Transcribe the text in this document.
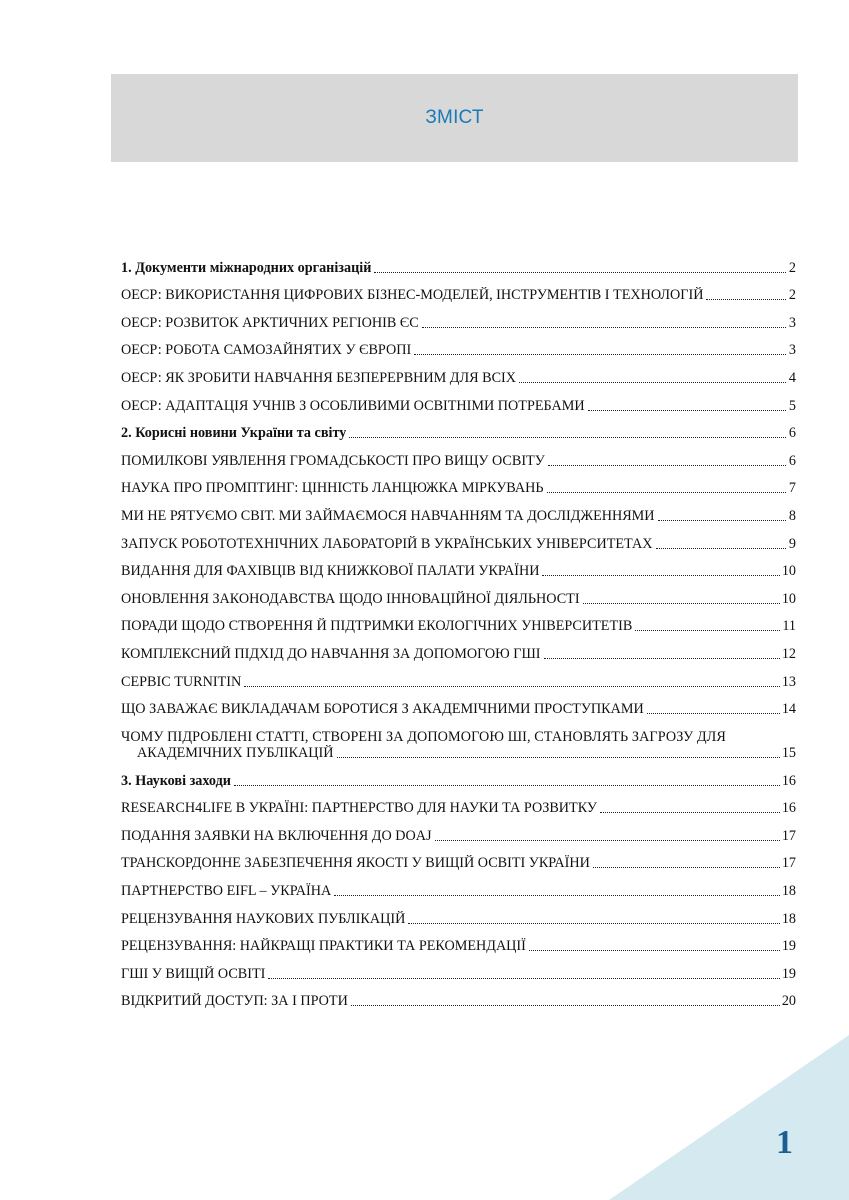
ЗМІСТ
1. Документи міжнародних організацій	2
ОЕСР: ВИКОРИСТАННЯ ЦИФРОВИХ БІЗНЕС-МОДЕЛЕЙ, ІНСТРУМЕНТІВ І ТЕХНОЛОГІЙ	2
ОЕСР: РОЗВИТОК АРКТИЧНИХ РЕГІОНІВ ЄС	3
ОЕСР: РОБОТА САМОЗАЙНЯТИХ У ЄВРОПІ	3
ОЕСР: ЯК ЗРОБИТИ НАВЧАННЯ БЕЗПЕРЕРВНИМ ДЛЯ ВСІХ	4
ОЕСР: АДАПТАЦІЯ УЧНІВ З ОСОБЛИВИМИ ОСВІТНІМИ ПОТРЕБАМИ	5
2. Корисні новини України та світу	6
ПОМИЛКОВІ УЯВЛЕННЯ ГРОМАДСЬКОСТІ ПРО ВИЩУ ОСВІТУ	6
НАУКА ПРО ПРОМПТИНГ: ЦІННІСТЬ ЛАНЦЮЖКА МІРКУВАНЬ	7
МИ НЕ РЯТУЄМО СВІТ. МИ ЗАЙМАЄМОСЯ НАВЧАННЯМ ТА ДОСЛІДЖЕННЯМИ	8
ЗАПУСК РОБОТОТЕХНІЧНИХ ЛАБОРАТОРІЙ В УКРАЇНСЬКИХ УНІВЕРСИТЕТАХ	9
ВИДАННЯ ДЛЯ ФАХІВЦІВ ВІД КНИЖКОВОЇ ПАЛАТИ УКРАЇНИ	10
ОНОВЛЕННЯ ЗАКОНОДАВСТВА ЩОДО ІННОВАЦІЙНОЇ ДІЯЛЬНОСТІ	10
ПОРАДИ ЩОДО СТВОРЕННЯ Й ПІДТРИМКИ ЕКОЛОГІЧНИХ УНІВЕРСИТЕТІВ	11
КОМПЛЕКСНИЙ ПІДХІД ДО НАВЧАННЯ ЗА ДОПОМОГОЮ ГШІ	12
СЕРВІС TURNITIN	13
ЩО ЗАВАЖАЄ ВИКЛАДАЧАМ БОРОТИСЯ З АКАДЕМІЧНИМИ ПРОСТУПКАМИ	14
ЧОМУ ПІДРОБЛЕНІ СТАТТІ, СТВОРЕНІ ЗА ДОПОМОГОЮ ШІ, СТАНОВЛЯТЬ ЗАГРОЗУ ДЛЯ
АКАДЕМІЧНИХ ПУБЛІКАЦІЙ	15
3. Наукові заходи	16
RESEARCH4LIFE В УКРАЇНІ: ПАРТНЕРСТВО ДЛЯ НАУКИ ТА РОЗВИТКУ	16
ПОДАННЯ ЗАЯВКИ НА ВКЛЮЧЕННЯ ДО DOAJ	17
ТРАНСКОРДОННЕ ЗАБЕЗПЕЧЕННЯ ЯКОСТІ У ВИЩІЙ ОСВІТІ УКРАЇНИ	17
ПАРТНЕРСТВО EIFL – УКРАЇНА	18
РЕЦЕНЗУВАННЯ НАУКОВИХ ПУБЛІКАЦІЙ	18
РЕЦЕНЗУВАННЯ: НАЙКРАЩІ ПРАКТИКИ ТА РЕКОМЕНДАЦІЇ	19
ГШІ У ВИЩІЙ ОСВІТІ	19
ВІДКРИТИЙ ДОСТУП: ЗА І ПРОТИ	20
1
